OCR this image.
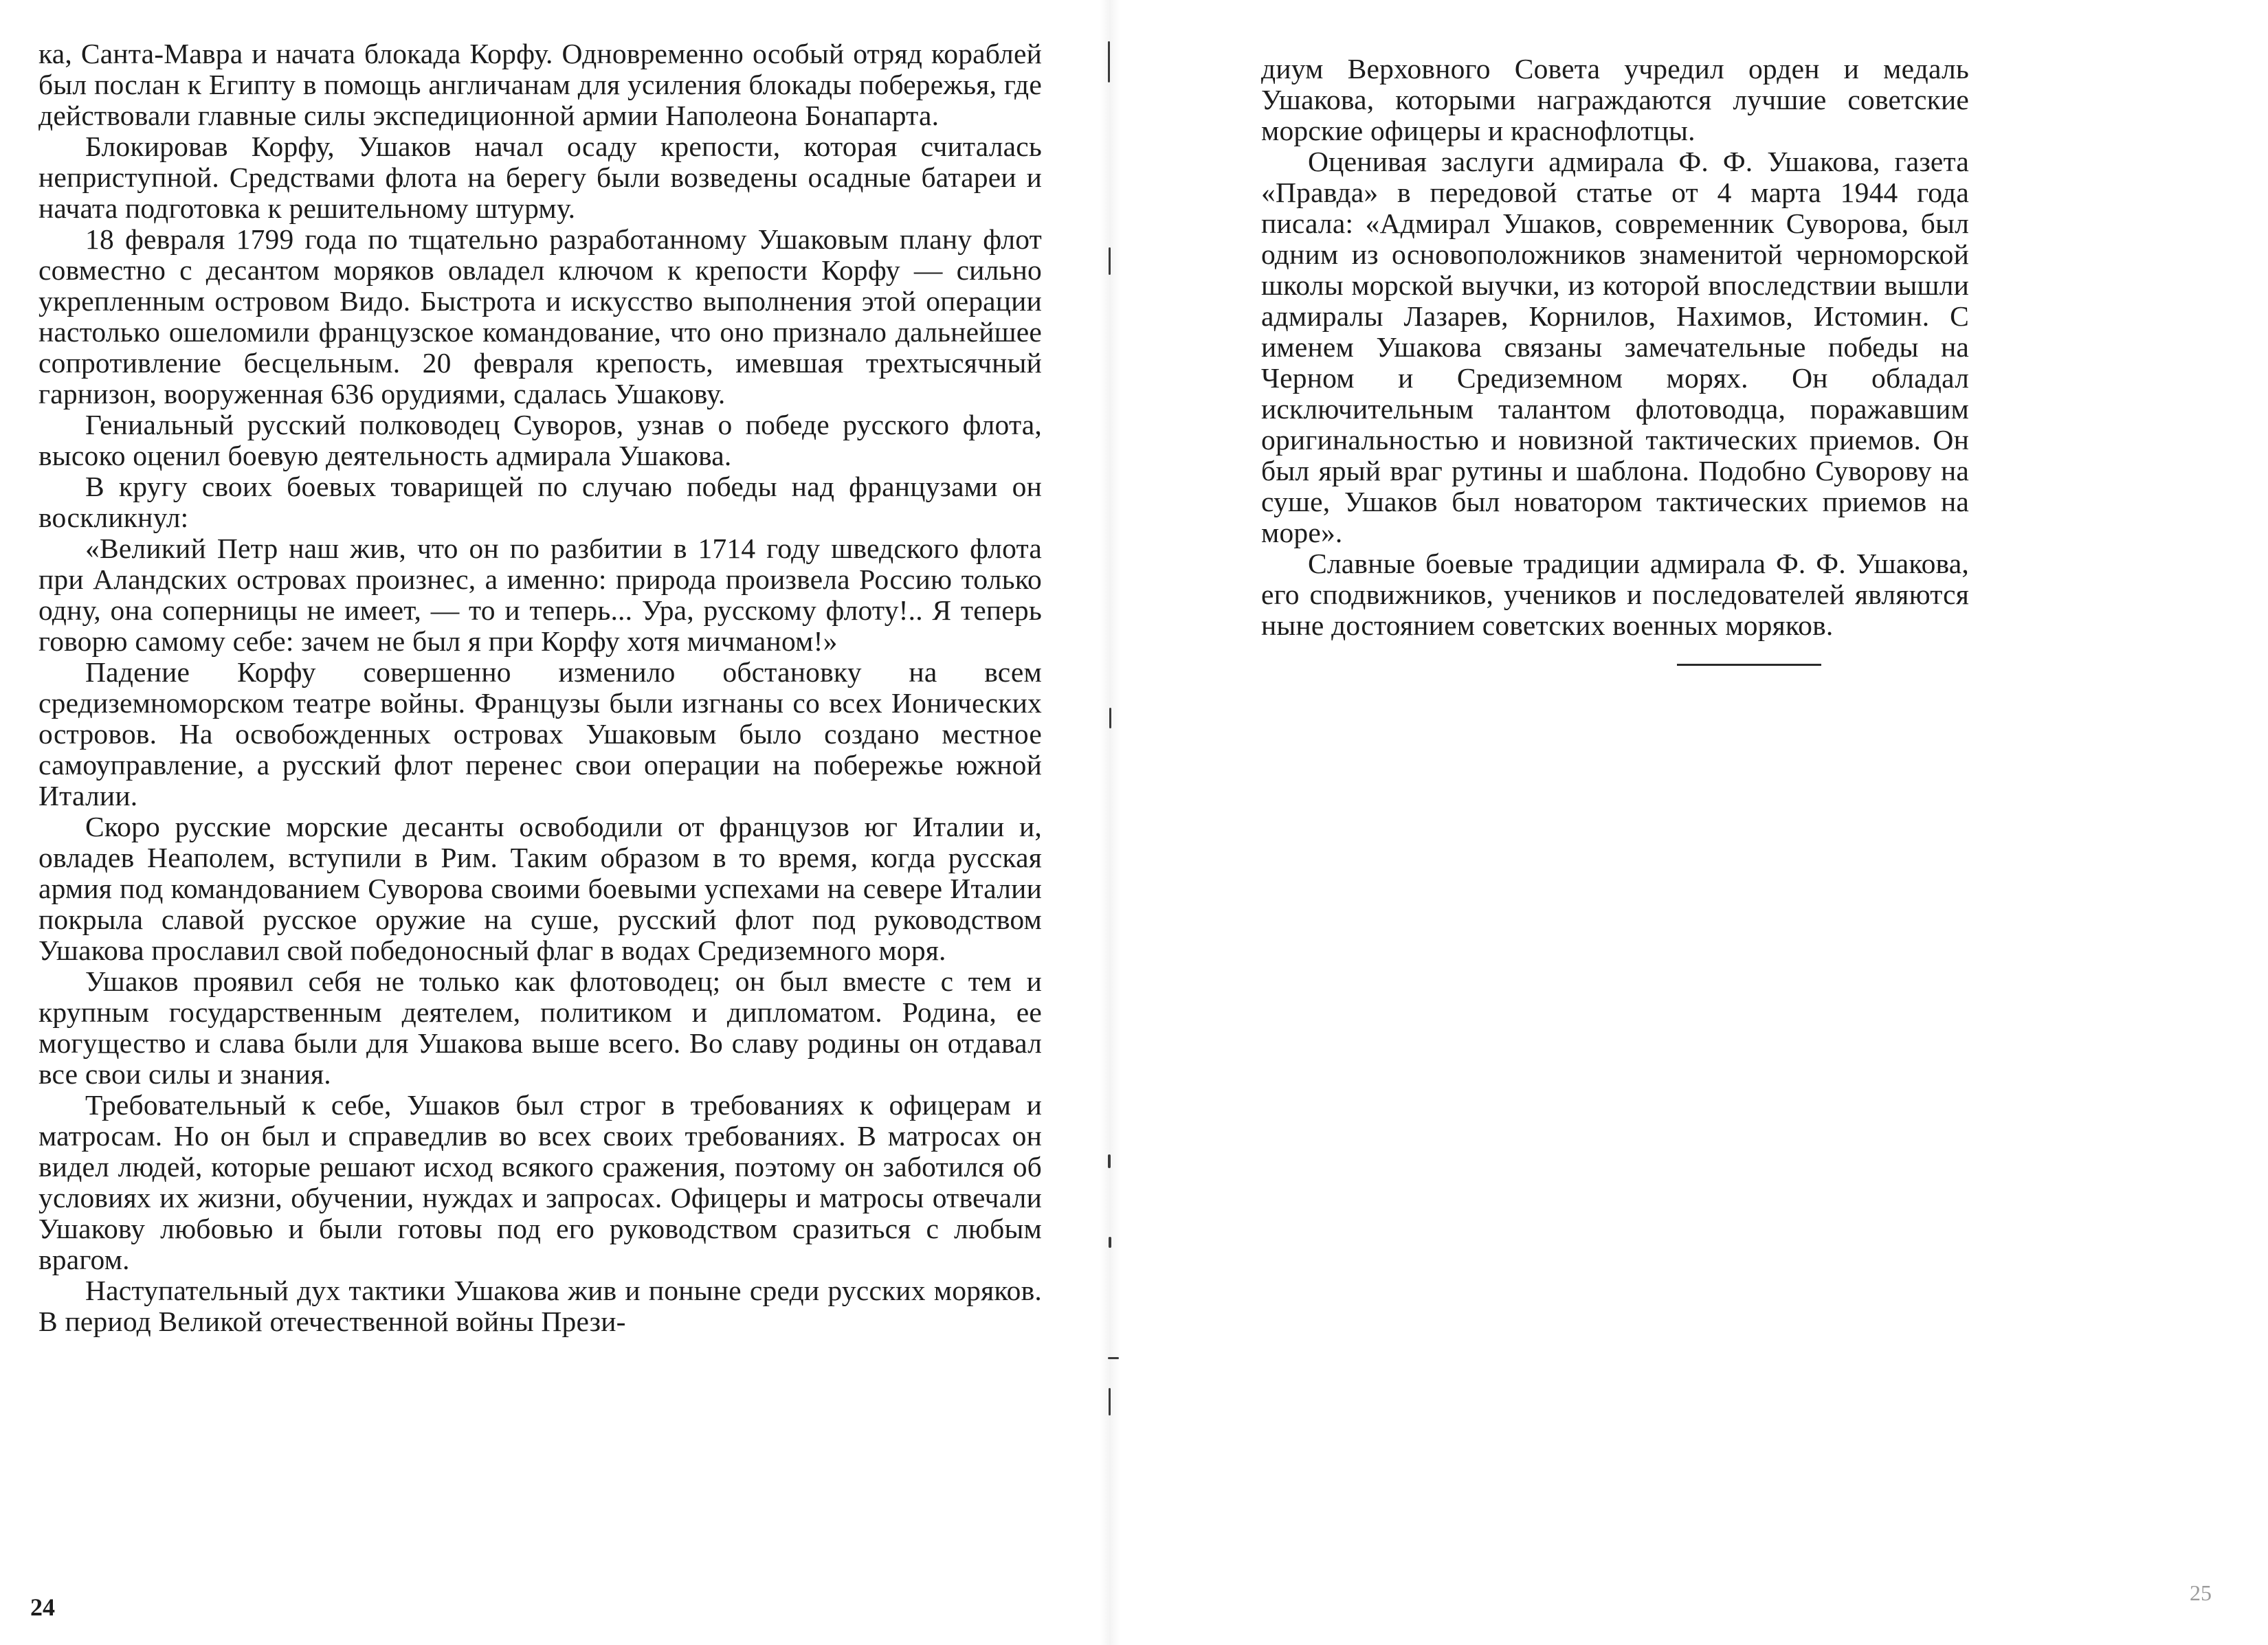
ка, Санта-Мавра и начата блокада Корфу. Одновременно особый отряд кораблей был послан к Египту в помощь англичанам для усиления блокады побережья, где действовали главные силы экспедиционной армии Наполеона Бонапарта.

Блокировав Корфу, Ушаков начал осаду крепости, которая считалась неприступной. Средствами флота на берегу были возведены осадные батареи и начата подготовка к решительному штурму.

18 февраля 1799 года по тщательно разработанному Ушаковым плану флот совместно с десантом моряков овладел ключом к крепости Корфу — сильно укрепленным островом Видо. Быстрота и искусство выполнения этой операции настолько ошеломили французское командование, что оно признало дальнейшее сопротивление бесцельным. 20 февраля крепость, имевшая трехтысячный гарнизон, вооруженная 636 орудиями, сдалась Ушакову.

Гениальный русский полководец Суворов, узнав о победе русского флота, высоко оценил боевую деятельность адмирала Ушакова.

В кругу своих боевых товарищей по случаю победы над французами он воскликнул:

«Великий Петр наш жив, что он по разбитии в 1714 году шведского флота при Аландских островах произнес, а именно: природа произвела Россию только одну, она соперницы не имеет, — то и теперь... Ура, русскому флоту!.. Я теперь говорю самому себе: зачем не был я при Корфу хотя мичманом!»

Падение Корфу совершенно изменило обстановку на всем средиземноморском театре войны. Французы были изгнаны со всех Ионических островов. На освобожденных островах Ушаковым было создано местное самоуправление, а русский флот перенес свои операции на побережье южной Италии.

Скоро русские морские десанты освободили от французов юг Италии и, овладев Неаполем, вступили в Рим. Таким образом в то время, когда русская армия под командованием Суворова своими боевыми успехами на севере Италии покрыла славой русское оружие на суше, русский флот под руководством Ушакова прославил свой победоносный флаг в водах Средиземного моря.

Ушаков проявил себя не только как флотоводец; он был вместе с тем и крупным государственным деятелем, политиком и дипломатом. Родина, ее могущество и слава были для Ушакова выше всего. Во славу родины он отдавал все свои силы и знания.

Требовательный к себе, Ушаков был строг в требованиях к офицерам и матросам. Но он был и справедлив во всех своих требованиях. В матросах он видел людей, которые решают исход всякого сражения, поэтому он заботился об условиях их жизни, обучении, нуждах и запросах. Офицеры и матросы отвечали Ушакову любовью и были готовы под его руководством сразиться с любым врагом.

Наступательный дух тактики Ушакова жив и поныне среди русских моряков. В период Великой отечественной войны Прези-

24

диум Верховного Совета учредил орден и медаль Ушакова, которыми награждаются лучшие советские морские офицеры и краснофлотцы.

Оценивая заслуги адмирала Ф. Ф. Ушакова, газета «Правда» в передовой статье от 4 марта 1944 года писала: «Адмирал Ушаков, современник Суворова, был одним из основоположников знаменитой черноморской школы морской выучки, из которой впоследствии вышли адмиралы Лазарев, Корнилов, Нахимов, Истомин. С именем Ушакова связаны замечательные победы на Черном и Средиземном морях. Он обладал исключительным талантом флотоводца, поражавшим оригинальностью и новизной тактических приемов. Он был ярый враг рутины и шаблона. Подобно Суворову на суше, Ушаков был новатором тактических приемов на море».

Славные боевые традиции адмирала Ф. Ф. Ушакова, его сподвижников, учеников и последователей являются ныне достоянием советских военных моряков.

25
